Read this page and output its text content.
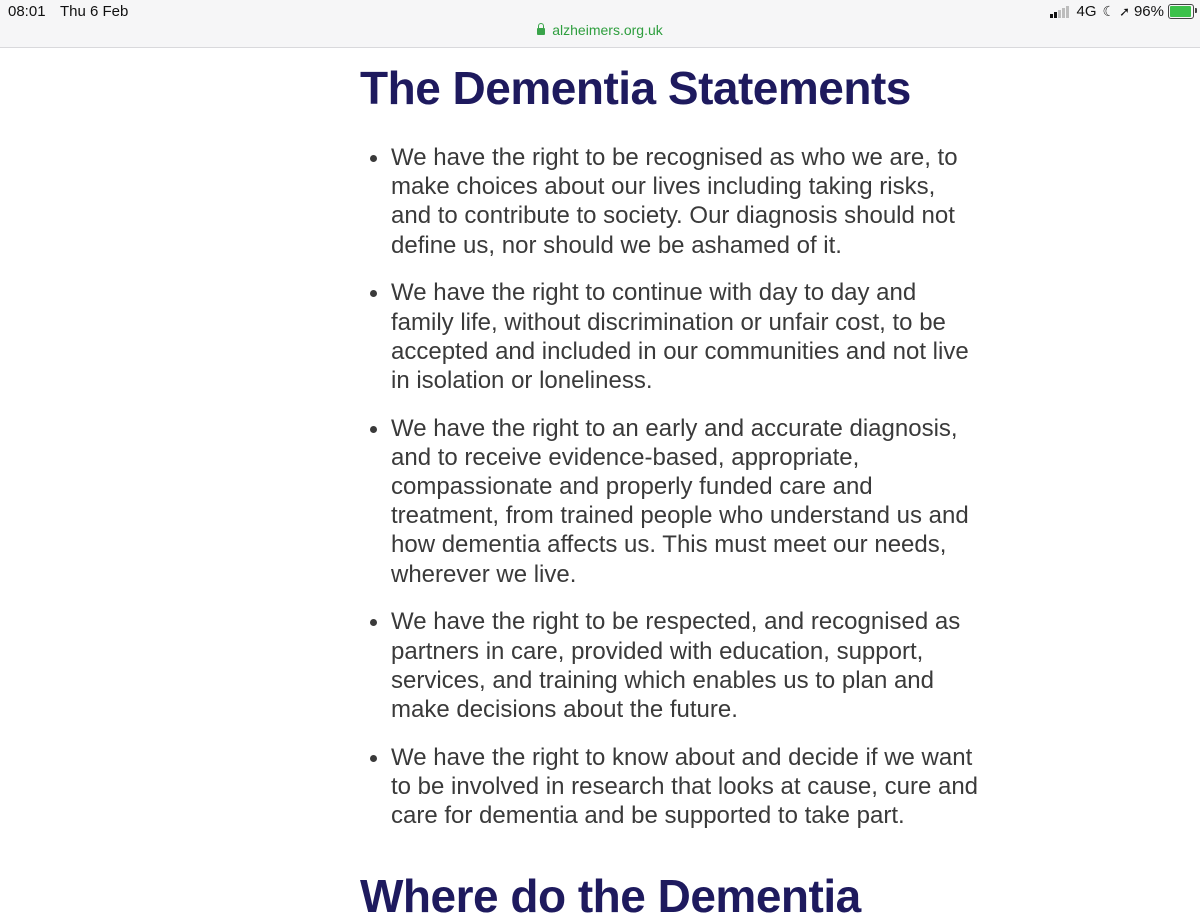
08:01 Thu 6 Feb	4G ☾ ➚ 96%
alzheimers.org.uk
The Dementia Statements
We have the right to be recognised as who we are, to make choices about our lives including taking risks, and to contribute to society. Our diagnosis should not define us, nor should we be ashamed of it.
We have the right to continue with day to day and family life, without discrimination or unfair cost, to be accepted and included in our communities and not live in isolation or loneliness.
We have the right to an early and accurate diagnosis, and to receive evidence-based, appropriate, compassionate and properly funded care and treatment, from trained people who understand us and how dementia affects us. This must meet our needs, wherever we live.
We have the right to be respected, and recognised as partners in care, provided with education, support, services, and training which enables us to plan and make decisions about the future.
We have the right to know about and decide if we want to be involved in research that looks at cause, cure and care for dementia and be supported to take part.
Where do the Dementia
